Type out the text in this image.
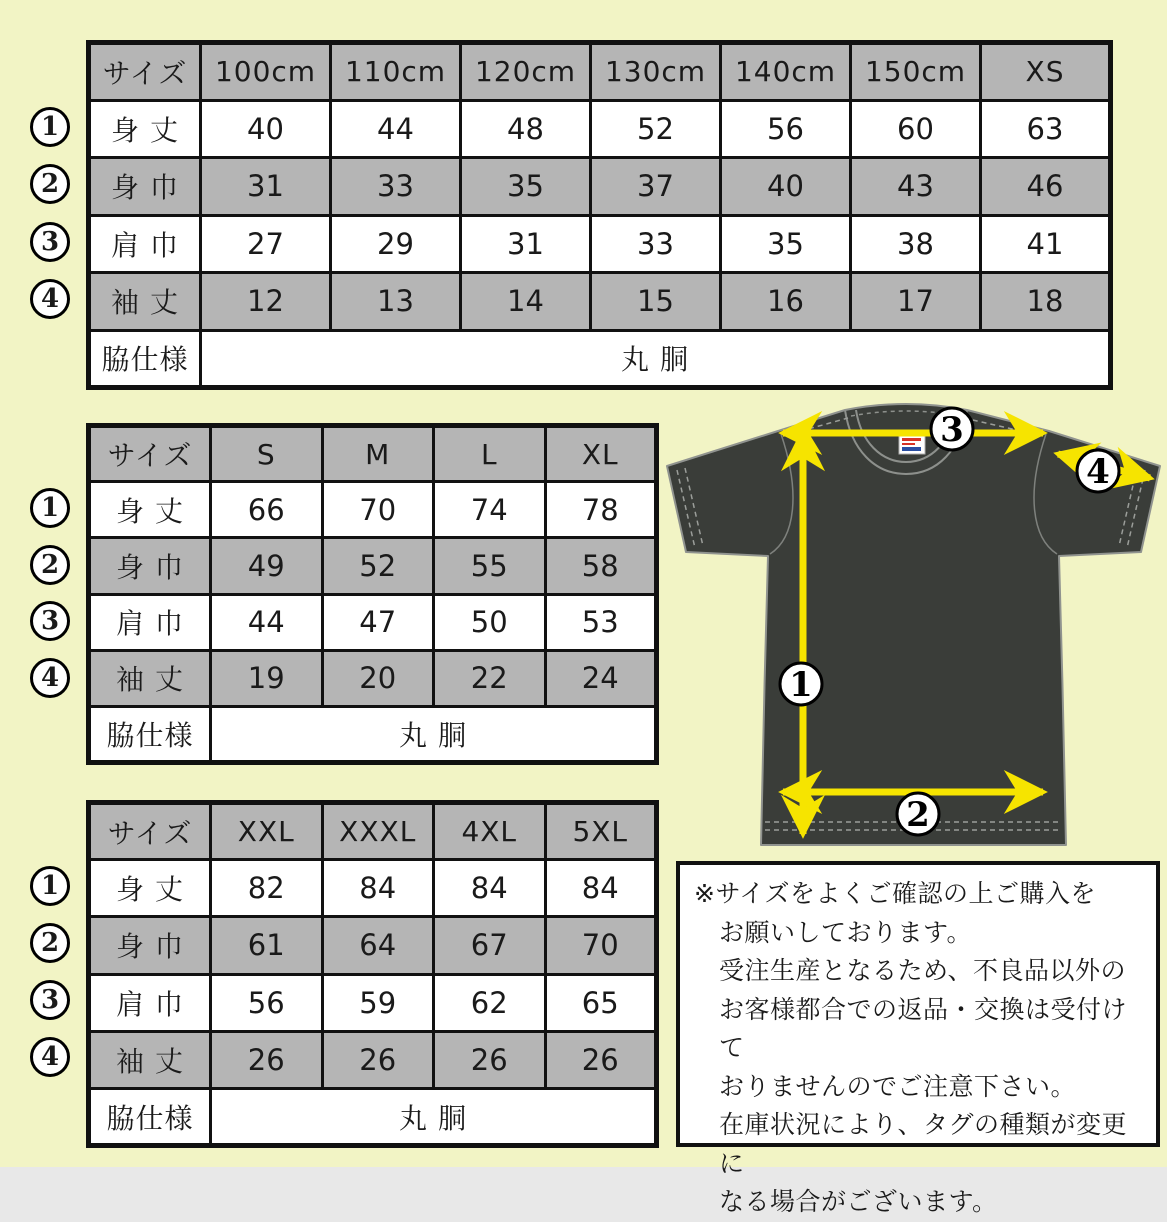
サイズ	100cm	110cm	120cm	130cm	140cm	150cm	XS
身 丈	40	44	48	52	56	60	63
身 巾	31	33	35	37	40	43	46
肩 巾	27	29	31	33	35	38	41
袖 丈	12	13	14	15	16	17	18
脇仕様	丸 胴						
サイズ	S	M	L	XL
身 丈	66	70	74	78
身 巾	49	52	55	58
肩 巾	44	47	50	53
袖 丈	19	20	22	24
脇仕様	丸 胴			
サイズ	XXL	XXXL	4XL	5XL
身 丈	82	84	84	84
身 巾	61	64	67	70
肩 巾	56	59	62	65
袖 丈	26	26	26	26
脇仕様	丸 胴			
3
4
1
2
※サイズをよくご確認の上ご購入を
お願いしております。
受注生産となるため、不良品以外の
お客様都合での返品・交換は受付けて
おりませんのでご注意下さい。
在庫状況により、タグの種類が変更に
なる場合がございます。
1
2
3
4
1
2
3
4
1
2
3
4
